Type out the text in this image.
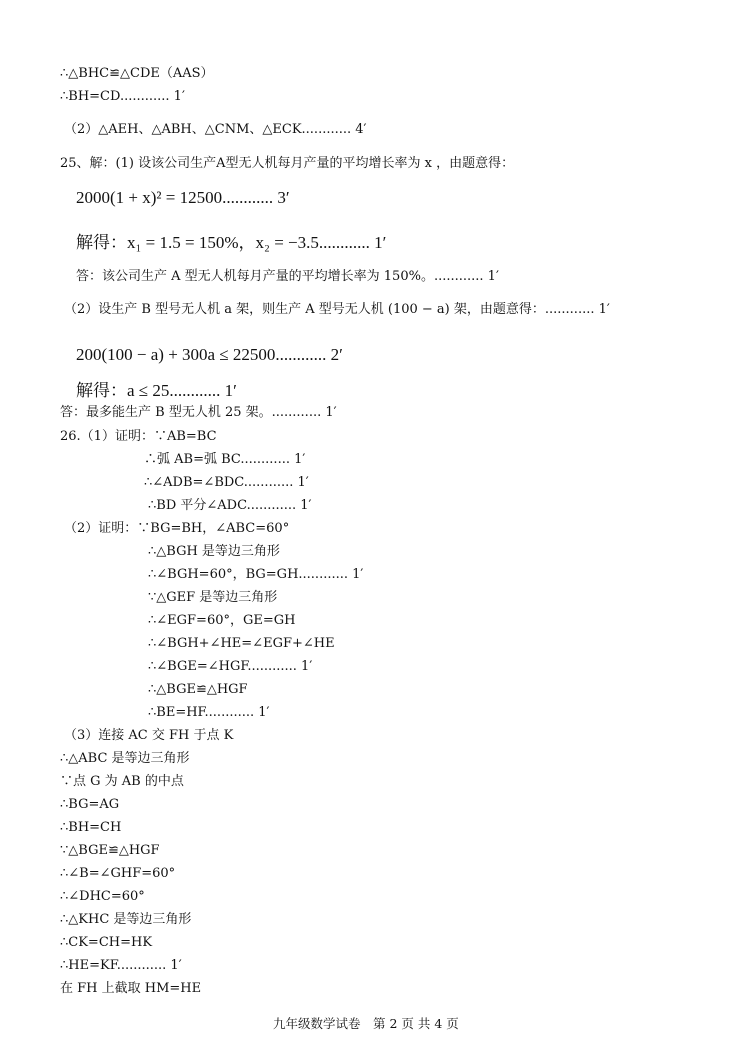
∴△BHC≌△CDE（AAS）
∴BH=CD............ 1′
（2）△AEH、△ABH、△CNM、△ECK............ 4′
25、解：(1) 设该公司生产A型无人机每月产量的平均增长率为 x ，由题意得：
2000(1 + x)² = 12500............ 3′
解得：x₁ = 1.5 = 150%，x₂ = −3.5............ 1′
答：该公司生产 A 型无人机每月产量的平均增长率为 150%。............ 1′
（2）设生产 B 型号无人机 a 架，则生产 A 型号无人机 (100 − a) 架，由题意得：............ 1′
200(100 − a) + 300a ≤ 22500............ 2′
解得：a ≤ 25............ 1′
答：最多能生产 B 型无人机 25 架。............ 1′
26.（1）证明：∵AB=BC
∴弧 AB=弧 BC............ 1′
∴∠ADB=∠BDC............ 1′
∴BD 平分∠ADC............ 1′
（2）证明：∵BG=BH，∠ABC=60°
∴△BGH 是等边三角形
∴∠BGH=60°，BG=GH............ 1′
∵△GEF 是等边三角形
∴∠EGF=60°，GE=GH
∴∠BGH+∠HE=∠EGF+∠HE
∴∠BGE=∠HGF............ 1′
∴△BGE≌△HGF
∴BE=HF............ 1′
（3）连接 AC 交 FH 于点 K
∴△ABC 是等边三角形
∵点 G 为 AB 的中点
∴BG=AG
∴BH=CH
∵△BGE≌△HGF
∴∠B=∠GHF=60°
∴∠DHC=60°
∴△KHC 是等边三角形
∴CK=CH=HK
∴HE=KF............ 1′
在 FH 上截取 HM=HE
九年级数学试卷　第 2 页 共 4 页
